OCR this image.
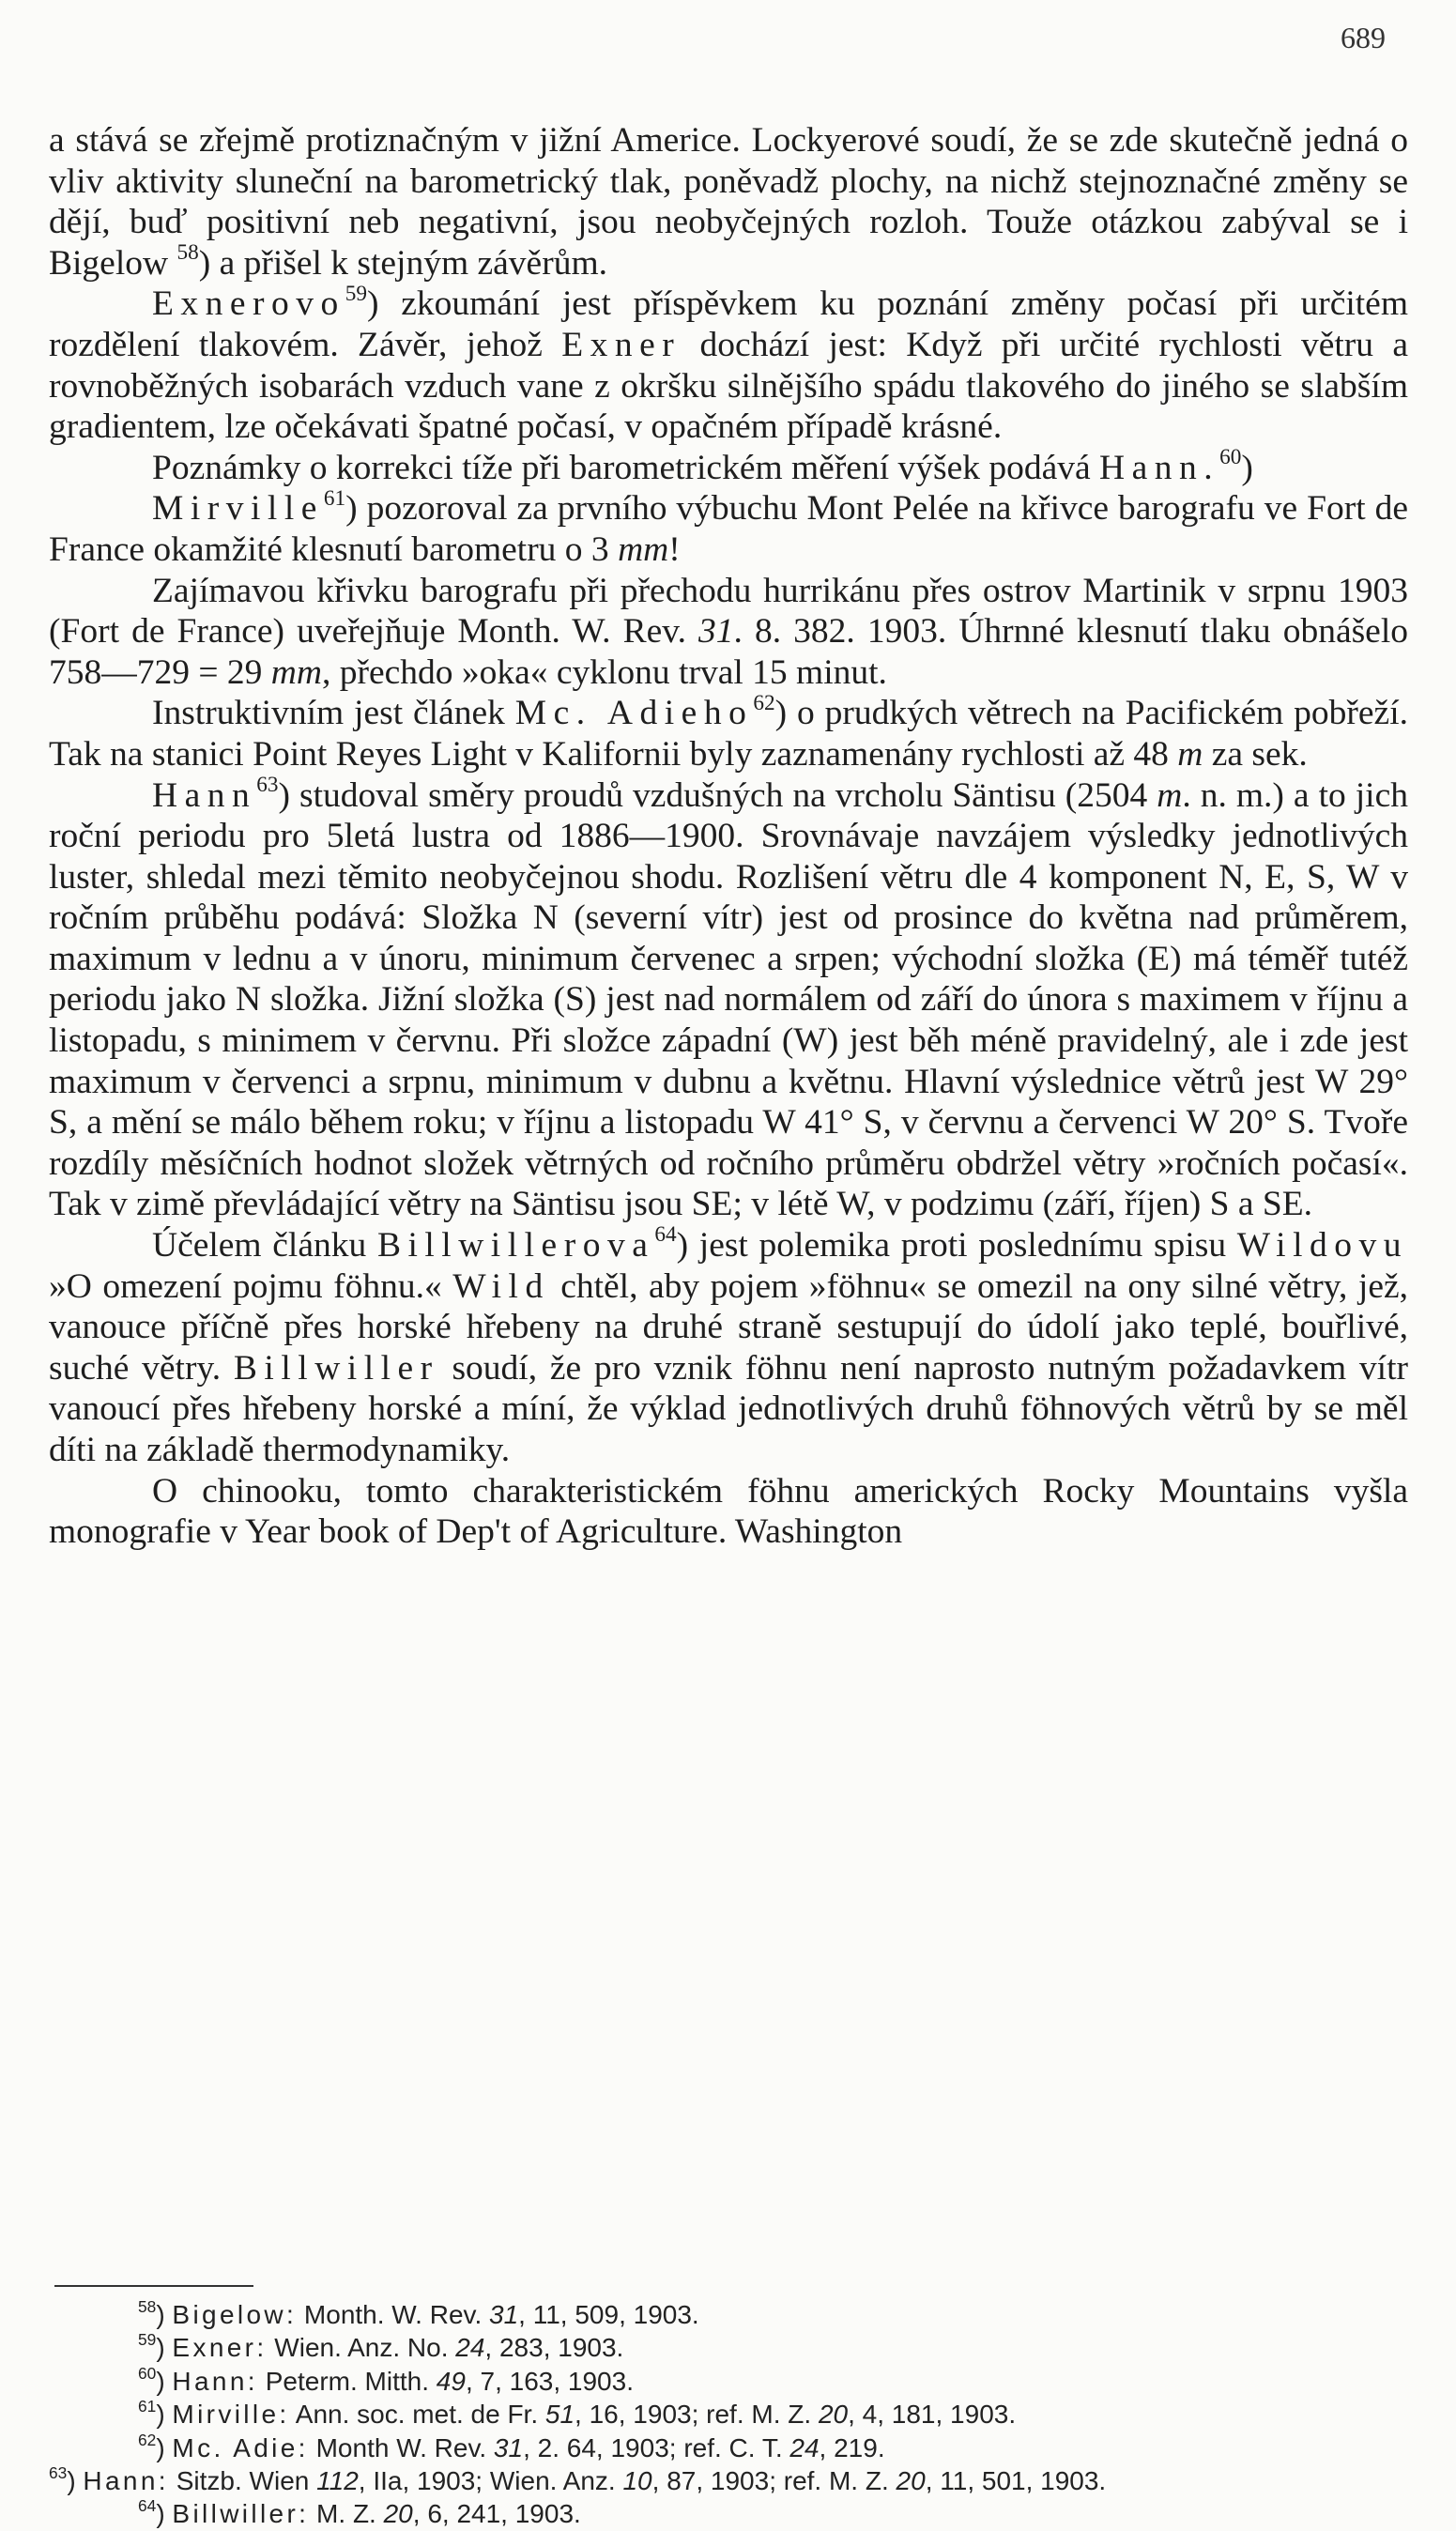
689

a stává se zřejmě protiznačným v jižní Americe. Lockyerové soudí, že se zde skutečně jedná o vliv aktivity sluneční na barometrický tlak, poněvadž plochy, na nichž stejnoznačné změny se dějí, buď positivní neb negativní, jsou neobyčejných rozloh. Touže otázkou zabýval se i Bigelow $^{58}$) a přišel k stejným závěrům.

Exnerovo$^{59}$) zkoumání jest příspěvkem ku poznání změny počasí při určitém rozdělení tlakovém. Závěr, jehož Exner dochází jest: Když při určité rychlosti větru a rovnoběžných isobarách vzduch vane z okršku silnějšího spádu tlakového do jiného se slabším gradientem, lze očekávati špatné počasí, v opačném případě krásné.

Poznámky o korrekci tíže při barometrickém měření výšek podává Hann.$^{60}$)

Mirville$^{61}$) pozoroval za prvního výbuchu Mont Pelée na křivce barografu ve Fort de France okamžité klesnutí barometru o 3 mm!

Zajímavou křivku barografu při přechodu hurrikánu přes ostrov Martinik v srpnu 1903 (Fort de France) uveřejňuje Month. W. Rev. 31. 8. 382. 1903. Úhrnné klesnutí tlaku obnášelo 758—729 = 29 mm, přechdo »oka« cyklonu trval 15 minut.

Instruktivním jest článek Mc. Adieho$^{62}$) o prudkých větrech na Pacifickém pobřeží. Tak na stanici Point Reyes Light v Kalifornii byly zaznamenány rychlosti až 48 m za sek.

Hann$^{63}$) studoval směry proudů vzdušných na vrcholu Säntisu (2504 m. n. m.) a to jich roční periodu pro 5letá lustra od 1886—1900. Srovnávaje navzájem výsledky jednotlivých luster, shledal mezi těmito neobyčejnou shodu. Rozlišení větru dle 4 komponent N, E, S, W v ročním průběhu podává: Složka N (severní vítr) jest od prosince do května nad průměrem, maximum v lednu a v únoru, minimum červenec a srpen; východní složka (E) má téměř tutéž periodu jako N složka. Jižní složka (S) jest nad normálem od září do února s maximem v říjnu a listopadu, s minimem v červnu. Při složce západní (W) jest běh méně pravidelný, ale i zde jest maximum v červenci a srpnu, minimum v dubnu a květnu. Hlavní výslednice větrů jest W 29° S, a mění se málo během roku; v říjnu a listopadu W 41° S, v červnu a červenci W 20° S. Tvoře rozdíly měsíčních hodnot složek větrných od ročního průměru obdržel větry »ročních počasí«. Tak v zimě převládající větry na Säntisu jsou SE; v létě W, v podzimu (září, říjen) S a SE.

Účelem článku Billwillerova$^{64}$) jest polemika proti poslednímu spisu Wildovu »O omezení pojmu föhnu.« Wild chtěl, aby pojem »föhnu« se omezil na ony silné větry, jež, vanouce příčně přes horské hřebeny na druhé straně sestupují do údolí jako teplé, bouřlivé, suché větry. Billwiller soudí, že pro vznik föhnu není naprosto nutným požadavkem vítr vanoucí přes hřebeny horské a míní, že výklad jednotlivých druhů föhnových větrů by se měl díti na základě thermodynamiky.

O chinooku, tomto charakteristickém föhnu amerických Rocky Mountains vyšla monografie v Year book of Dep't of Agriculture. Washington

$^{58}$) Bigelow: Month. W. Rev. 31, 11, 509, 1903.

$^{59}$) Exner: Wien. Anz. No. 24, 283, 1903.

$^{60}$) Hann: Peterm. Mitth. 49, 7, 163, 1903.

$^{61}$) Mirville: Ann. soc. met. de Fr. 51, 16, 1903; ref. M. Z. 20, 4, 181, 1903.

$^{62}$) Mc. Adie: Month W. Rev. 31, 2. 64, 1903; ref. C. T. 24, 219.

$^{63}$) Hann: Sitzb. Wien 112, IIa, 1903; Wien. Anz. 10, 87, 1903; ref. M. Z. 20, 11, 501, 1903.

$^{64}$) Billwiller: M. Z. 20, 6, 241, 1903.
